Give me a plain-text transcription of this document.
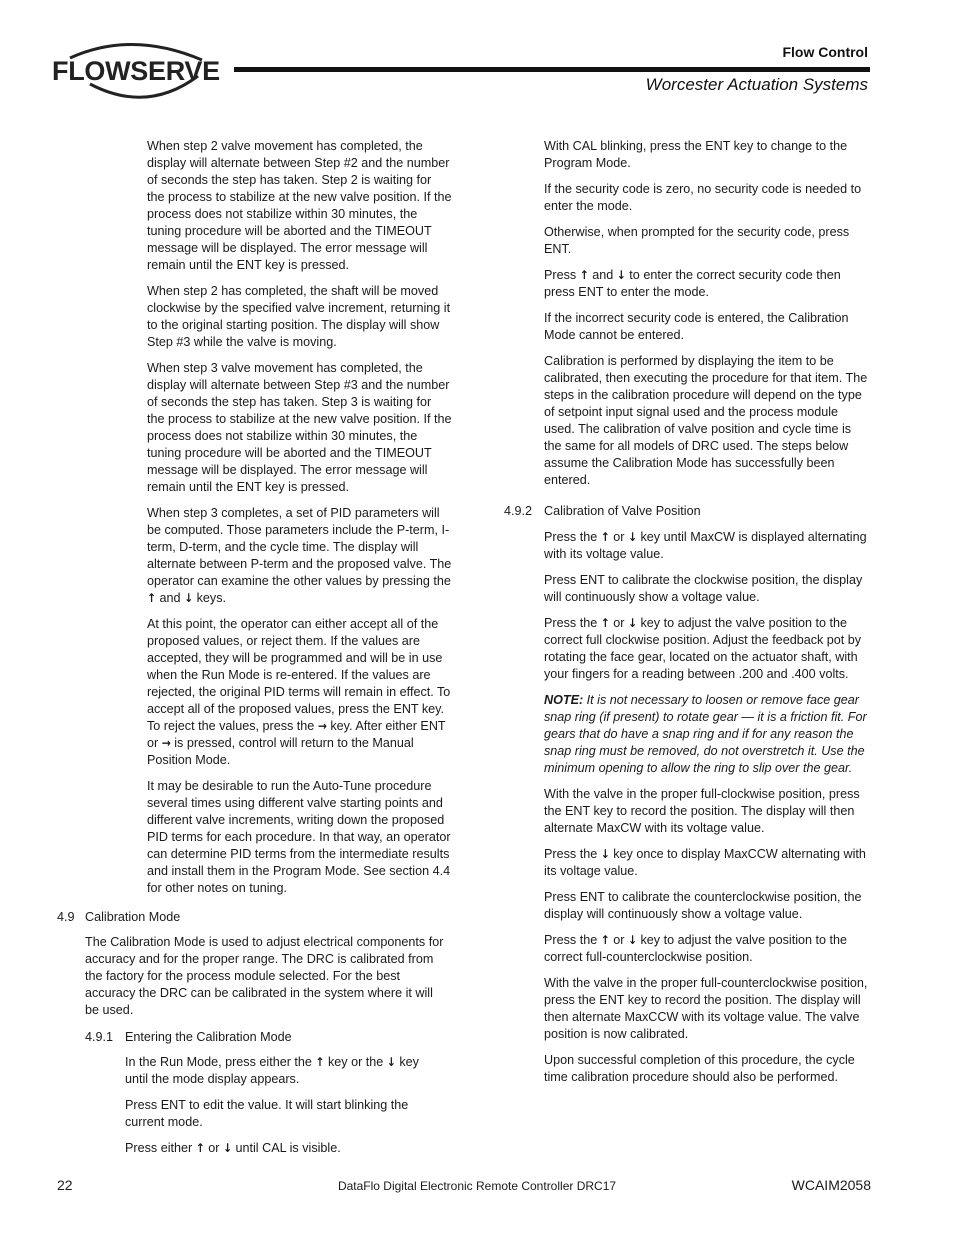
FLOWSERVE
Flow Control
Worcester Actuation Systems

When step 2 valve movement has completed, the display will alternate between Step #2 and the number of seconds the step has taken. Step 2 is waiting for the process to stabilize at the new valve position. If the process does not stabilize within 30 minutes, the tuning procedure will be aborted and the TIMEOUT message will be displayed. The error message will remain until the ENT key is pressed.

When step 2 has completed, the shaft will be moved clockwise by the specified valve increment, returning it to the original starting position. The display will show Step #3 while the valve is moving.

When step 3 valve movement has completed, the display will alternate between Step #3 and the number of seconds the step has taken. Step 3 is waiting for the process to stabilize at the new valve position. If the process does not stabilize within 30 minutes, the tuning procedure will be aborted and the TIMEOUT message will be displayed. The error message will remain until the ENT key is pressed.

When step 3 completes, a set of PID parameters will be computed. Those parameters include the P-term, I-term, D-term, and the cycle time. The display will alternate between P-term and the proposed valve. The operator can examine the other values by pressing the ↑ and ↓ keys.

At this point, the operator can either accept all of the proposed values, or reject them. If the values are accepted, they will be programmed and will be in use when the Run Mode is re-entered. If the values are rejected, the original PID terms will remain in effect. To accept all of the proposed values, press the ENT key. To reject the values, press the → key. After either ENT or → is pressed, control will return to the Manual Position Mode.

It may be desirable to run the Auto-Tune procedure several times using different valve starting points and different valve increments, writing down the proposed PID terms for each procedure. In that way, an operator can determine PID terms from the intermediate results and install them in the Program Mode. See section 4.4 for other notes on tuning.

4.9 Calibration Mode

The Calibration Mode is used to adjust electrical components for accuracy and for the proper range. The DRC is calibrated from the factory for the process module selected. For the best accuracy the DRC can be calibrated in the system where it will be used.

4.9.1 Entering the Calibration Mode

In the Run Mode, press either the ↑ key or the ↓ key until the mode display appears.

Press ENT to edit the value. It will start blinking the current mode.

Press either ↑ or ↓ until CAL is visible.

With CAL blinking, press the ENT key to change to the Program Mode.

If the security code is zero, no security code is needed to enter the mode.

Otherwise, when prompted for the security code, press ENT.

Press ↑ and ↓ to enter the correct security code then press ENT to enter the mode.

If the incorrect security code is entered, the Calibration Mode cannot be entered.

Calibration is performed by displaying the item to be calibrated, then executing the procedure for that item. The steps in the calibration procedure will depend on the type of setpoint input signal used and the process module used. The calibration of valve position and cycle time is the same for all models of DRC used. The steps below assume the Calibration Mode has successfully been entered.

4.9.2 Calibration of Valve Position

Press the ↑ or ↓ key until MaxCW is displayed alternating with its voltage value.

Press ENT to calibrate the clockwise position, the display will continuously show a voltage value.

Press the ↑ or ↓ key to adjust the valve position to the correct full clockwise position. Adjust the feedback pot by rotating the face gear, located on the actuator shaft, with your fingers for a reading between .200 and .400 volts.

NOTE: It is not necessary to loosen or remove face gear snap ring (if present) to rotate gear — it is a friction fit. For gears that do have a snap ring and if for any reason the snap ring must be removed, do not overstretch it. Use the minimum opening to allow the ring to slip over the gear.

With the valve in the proper full-clockwise position, press the ENT key to record the position. The display will then alternate MaxCW with its voltage value.

Press the ↓ key once to display MaxCCW alternating with its voltage value.

Press ENT to calibrate the counterclockwise position, the display will continuously show a voltage value.

Press the ↑ or ↓ key to adjust the valve position to the correct full-counterclockwise position.

With the valve in the proper full-counterclockwise position, press the ENT key to record the position. The display will then alternate MaxCCW with its voltage value. The valve position is now calibrated.

Upon successful completion of this procedure, the cycle time calibration procedure should also be performed.

22	DataFlo Digital Electronic Remote Controller DRC17	WCAIM2058
